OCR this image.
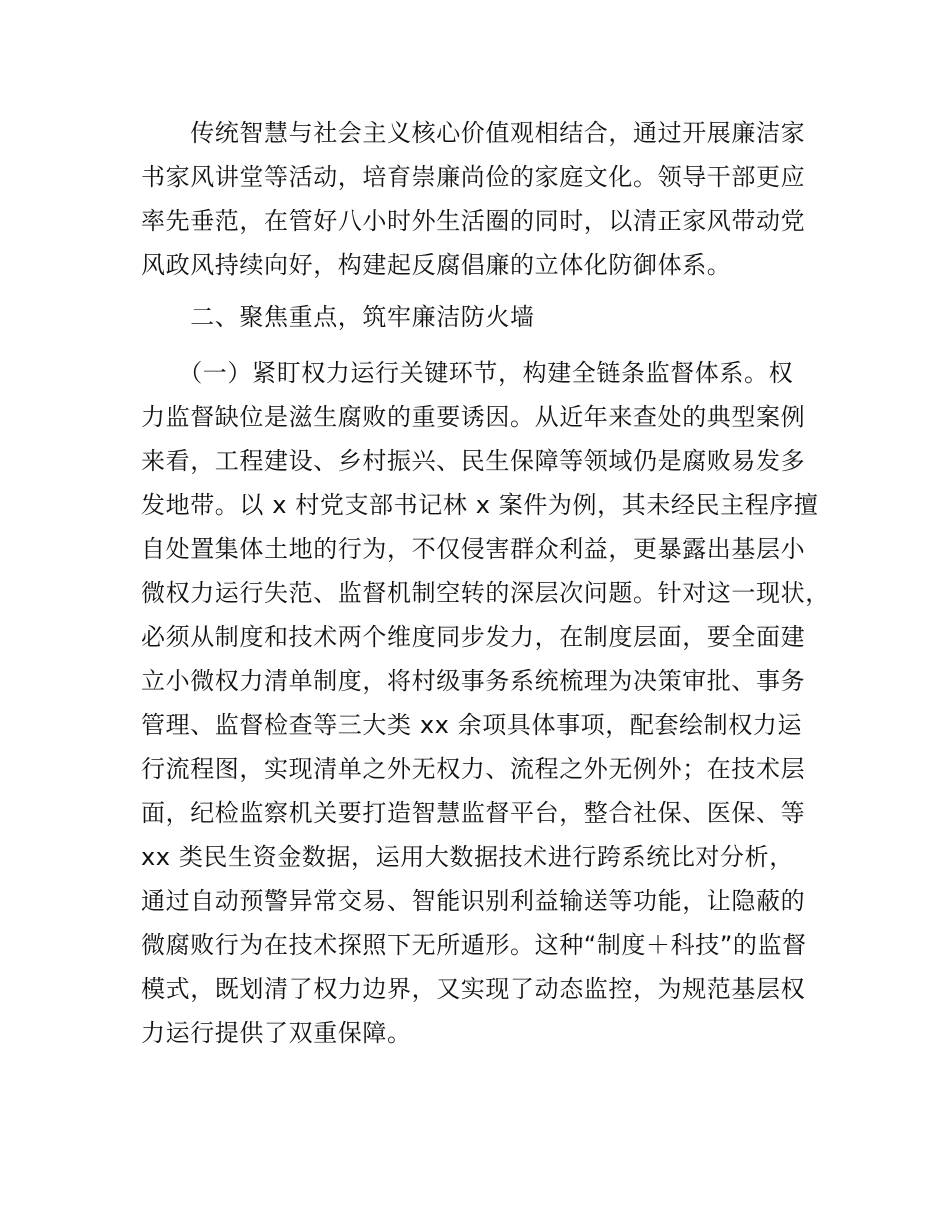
　　传统智慧与社会主义核心价值观相结合，通过开展廉洁家
书家风讲堂等活动，培育崇廉尚俭的家庭文化。领导干部更应
率先垂范，在管好八小时外生活圈的同时，以清正家风带动党
风政风持续向好，构建起反腐倡廉的立体化防御体系。
　　二、聚焦重点，筑牢廉洁防火墙
　　（一）紧盯权力运行关键环节，构建全链条监督体系。权
力监督缺位是滋生腐败的重要诱因。从近年来查处的典型案例
来看，工程建设、乡村振兴、民生保障等领域仍是腐败易发多
发地带。以 x 村党支部书记林 x 案件为例，其未经民主程序擅
自处置集体土地的行为，不仅侵害群众利益，更暴露出基层小
微权力运行失范、监督机制空转的深层次问题。针对这一现状，
必须从制度和技术两个维度同步发力，在制度层面，要全面建
立小微权力清单制度，将村级事务系统梳理为决策审批、事务
管理、监督检查等三大类 xx 余项具体事项，配套绘制权力运
行流程图，实现清单之外无权力、流程之外无例外；在技术层
面，纪检监察机关要打造智慧监督平台，整合社保、医保、等
xx 类民生资金数据，运用大数据技术进行跨系统比对分析，
通过自动预警异常交易、智能识别利益输送等功能，让隐蔽的
微腐败行为在技术探照下无所遁形。这种“制度＋科技”的监督
模式，既划清了权力边界，又实现了动态监控，为规范基层权
力运行提供了双重保障。
